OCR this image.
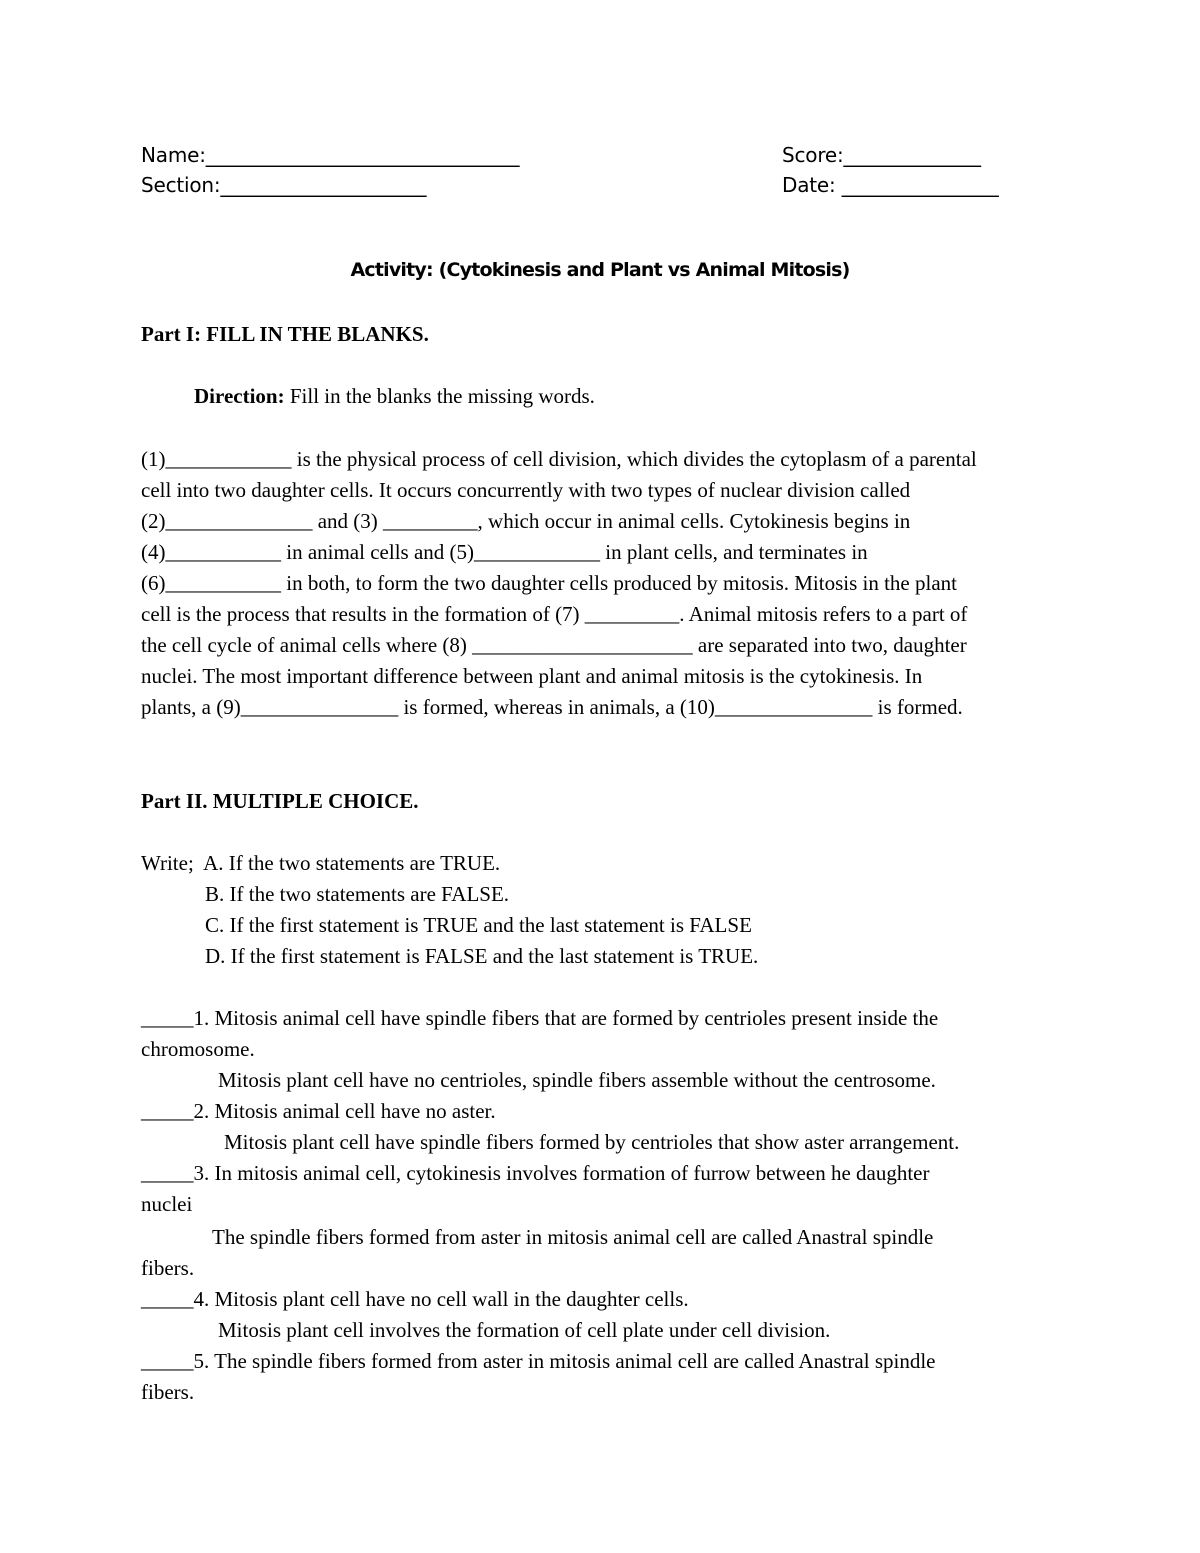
Name:________________________________	Score:______________
Section:_____________________	Date: ________________
Activity: (Cytokinesis and Plant vs Animal Mitosis)
Part I: FILL IN THE BLANKS.
Direction: Fill in the blanks the missing words.
(1)____________ is the physical process of cell division, which divides the cytoplasm of a parental
cell into two daughter cells. It occurs concurrently with two types of nuclear division called
(2)______________ and (3) _________, which occur in animal cells. Cytokinesis begins in
(4)___________ in animal cells and (5)____________ in plant cells, and terminates in
(6)___________ in both, to form the two daughter cells produced by mitosis. Mitosis in the plant
cell is the process that results in the formation of (7) _________. Animal mitosis refers to a part of
the cell cycle of animal cells where (8) _____________________ are separated into two, daughter
nuclei. The most important difference between plant and animal mitosis is the cytokinesis. In
plants, a (9)_______________ is formed, whereas in animals, a (10)_______________ is formed.
Part II. MULTIPLE CHOICE.
Write;  A. If the two statements are TRUE.
B. If the two statements are FALSE.
C. If the first statement is TRUE and the last statement is FALSE
D. If the first statement is FALSE and the last statement is TRUE.
_____1. Mitosis animal cell have spindle fibers that are formed by centrioles present inside the
chromosome.
Mitosis plant cell have no centrioles, spindle fibers assemble without the centrosome.
_____2. Mitosis animal cell have no aster.
Mitosis plant cell have spindle fibers formed by centrioles that show aster arrangement.
_____3. In mitosis animal cell, cytokinesis involves formation of furrow between he daughter
nuclei
The spindle fibers formed from aster in mitosis animal cell are called Anastral spindle
fibers.
_____4. Mitosis plant cell have no cell wall in the daughter cells.
Mitosis plant cell involves the formation of cell plate under cell division.
_____5. The spindle fibers formed from aster in mitosis animal cell are called Anastral spindle
fibers.
